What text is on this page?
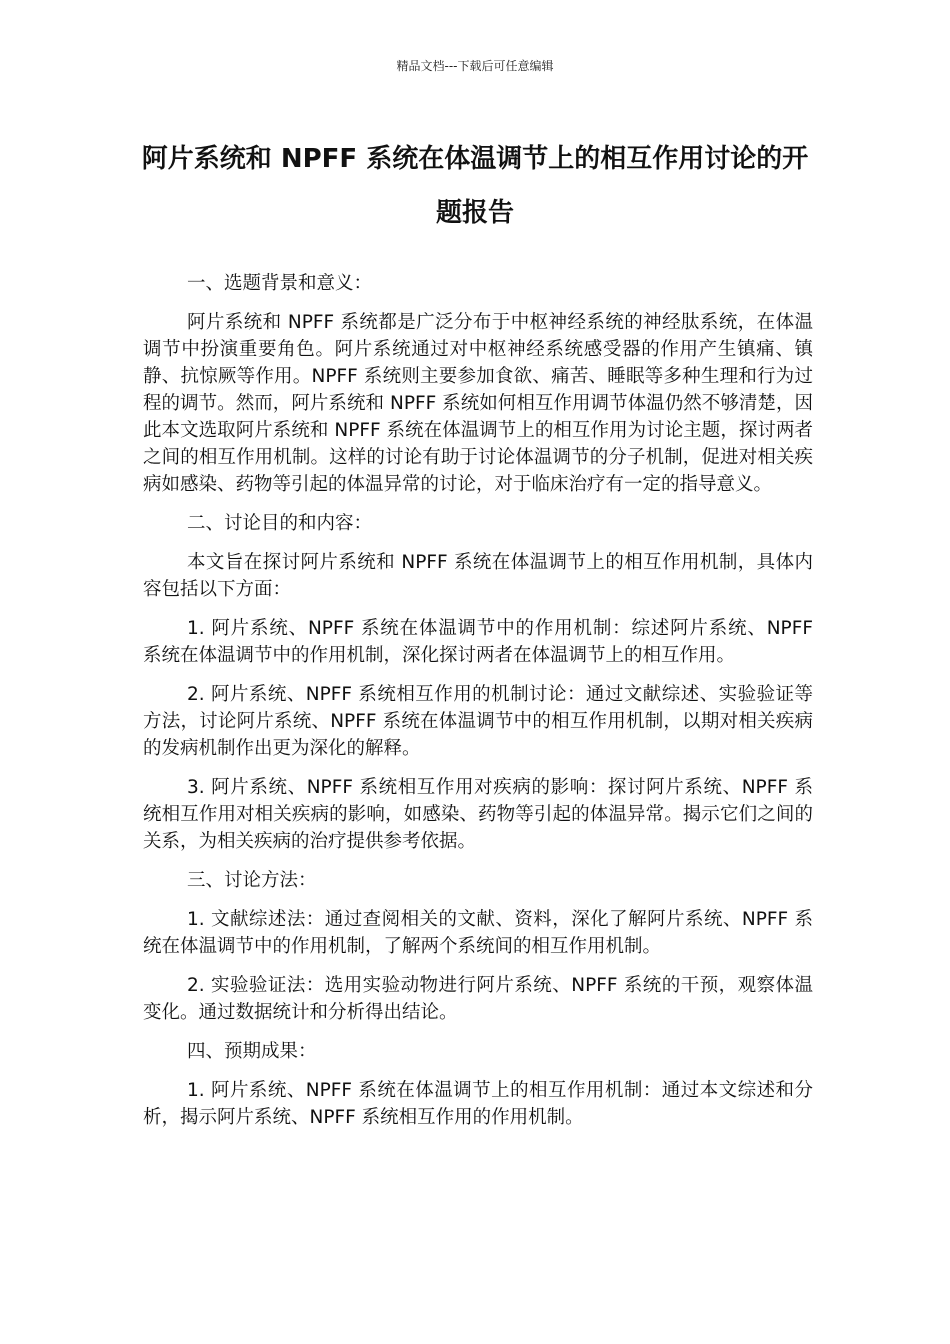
精品文档---下载后可任意编辑
阿片系统和 NPFF 系统在体温调节上的相互作用讨论的开题报告
一、选题背景和意义：

阿片系统和 NPFF 系统都是广泛分布于中枢神经系统的神经肽系统，在体温调节中扮演重要角色。阿片系统通过对中枢神经系统感受器的作用产生镇痛、镇静、抗惊厥等作用。NPFF 系统则主要参加食欲、痛苦、睡眠等多种生理和行为过程的调节。然而，阿片系统和 NPFF 系统如何相互作用调节体温仍然不够清楚，因此本文选取阿片系统和 NPFF 系统在体温调节上的相互作用为讨论主题，探讨两者之间的相互作用机制。这样的讨论有助于讨论体温调节的分子机制，促进对相关疾病如感染、药物等引起的体温异常的讨论，对于临床治疗有一定的指导意义。

二、讨论目的和内容：

本文旨在探讨阿片系统和 NPFF 系统在体温调节上的相互作用机制，具体内容包括以下方面：

1. 阿片系统、NPFF 系统在体温调节中的作用机制：综述阿片系统、NPFF 系统在体温调节中的作用机制，深化探讨两者在体温调节上的相互作用。

2. 阿片系统、NPFF 系统相互作用的机制讨论：通过文献综述、实验验证等方法，讨论阿片系统、NPFF 系统在体温调节中的相互作用机制，以期对相关疾病的发病机制作出更为深化的解释。

3. 阿片系统、NPFF 系统相互作用对疾病的影响：探讨阿片系统、NPFF 系统相互作用对相关疾病的影响，如感染、药物等引起的体温异常。揭示它们之间的关系，为相关疾病的治疗提供参考依据。

三、讨论方法：

1. 文献综述法：通过查阅相关的文献、资料，深化了解阿片系统、NPFF 系统在体温调节中的作用机制，了解两个系统间的相互作用机制。

2. 实验验证法：选用实验动物进行阿片系统、NPFF 系统的干预，观察体温变化。通过数据统计和分析得出结论。

四、预期成果：

1. 阿片系统、NPFF 系统在体温调节上的相互作用机制：通过本文综述和分析，揭示阿片系统、NPFF 系统相互作用的作用机制。
